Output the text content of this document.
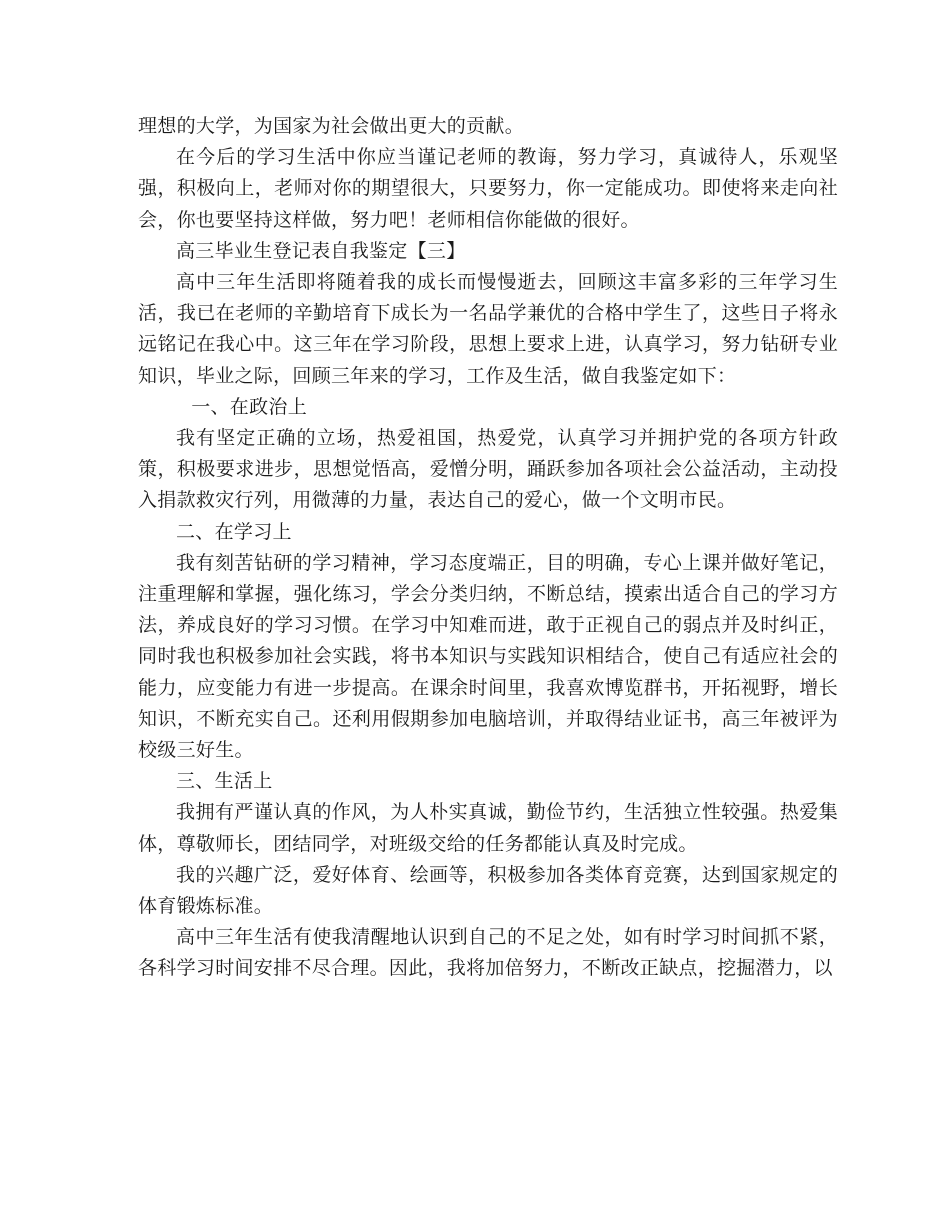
理想的大学，为国家为社会做出更大的贡献。

在今后的学习生活中你应当谨记老师的教诲，努力学习，真诚待人，乐观坚强，积极向上，老师对你的期望很大，只要努力，你一定能成功。即使将来走向社会，你也要坚持这样做，努力吧！老师相信你能做的很好。

高三毕业生登记表自我鉴定【三】

高中三年生活即将随着我的成长而慢慢逝去，回顾这丰富多彩的三年学习生活，我已在老师的辛勤培育下成长为一名品学兼优的合格中学生了，这些日子将永远铭记在我心中。这三年在学习阶段，思想上要求上进，认真学习，努力钻研专业知识，毕业之际，回顾三年来的学习，工作及生活，做自我鉴定如下：

一、在政治上

我有坚定正确的立场，热爱祖国，热爱党，认真学习并拥护党的各项方针政策，积极要求进步，思想觉悟高，爱憎分明，踊跃参加各项社会公益活动，主动投入捐款救灾行列，用微薄的力量，表达自己的爱心，做一个文明市民。

二、在学习上

我有刻苦钻研的学习精神，学习态度端正，目的明确，专心上课并做好笔记，注重理解和掌握，强化练习，学会分类归纳，不断总结，摸索出适合自己的学习方法，养成良好的学习习惯。在学习中知难而进，敢于正视自己的弱点并及时纠正，同时我也积极参加社会实践，将书本知识与实践知识相结合，使自己有适应社会的能力，应变能力有进一步提高。在课余时间里，我喜欢博览群书，开拓视野，增长知识，不断充实自己。还利用假期参加电脑培训，并取得结业证书，高三年被评为校级三好生。

三、生活上

我拥有严谨认真的作风，为人朴实真诚，勤俭节约，生活独立性较强。热爱集体，尊敬师长，团结同学，对班级交给的任务都能认真及时完成。

我的兴趣广泛，爱好体育、绘画等，积极参加各类体育竞赛，达到国家规定的体育锻炼标准。

高中三年生活有使我清醒地认识到自己的不足之处，如有时学习时间抓不紧，各科学习时间安排不尽合理。因此，我将加倍努力，不断改正缺点，挖掘潜力，以
